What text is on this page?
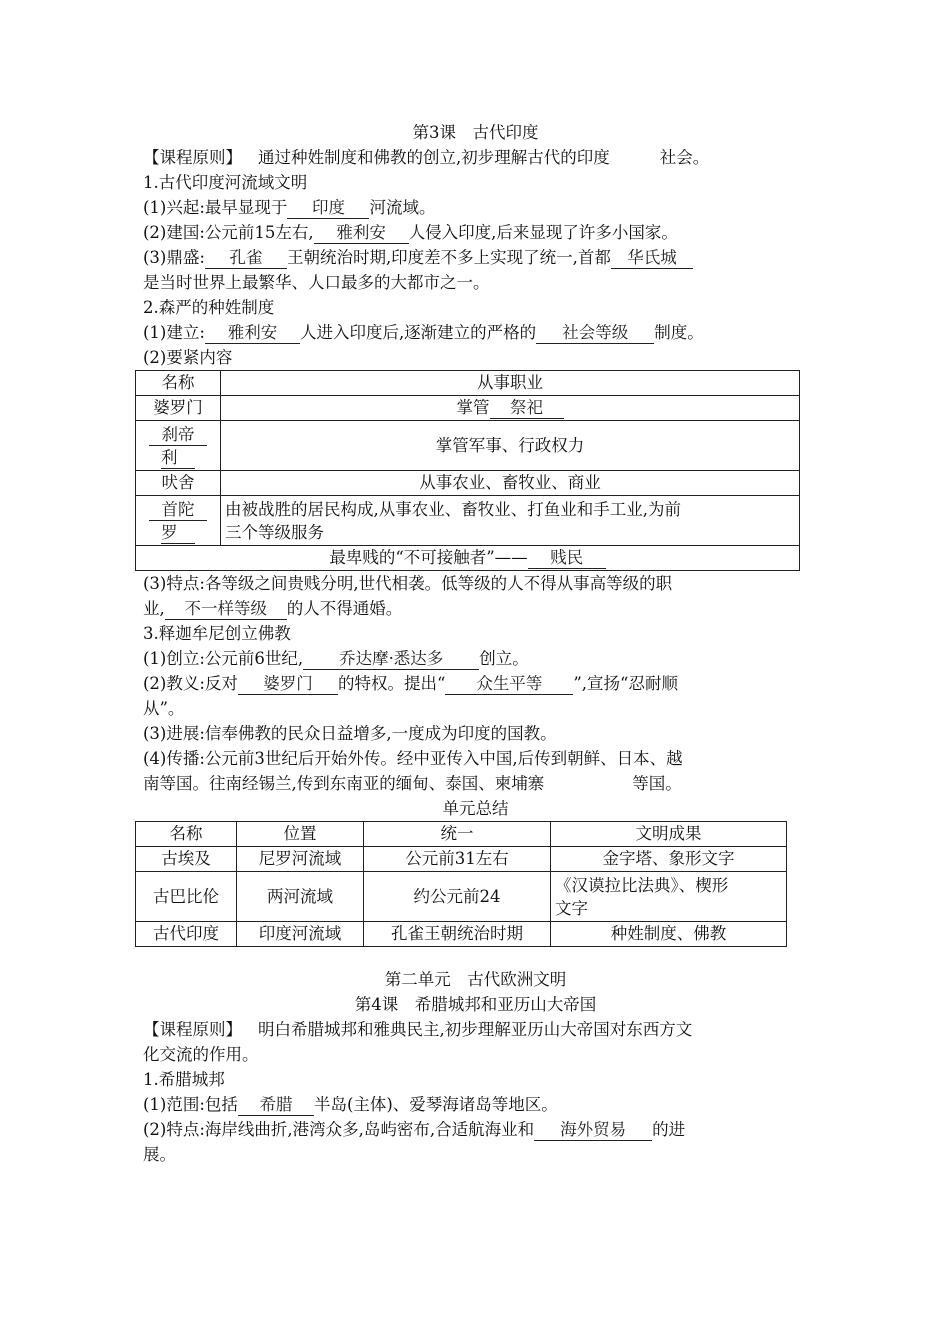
第3课　古代印度
【课程原则】 通过种姓制度和佛教的创立,初步理解古代的印度	社会。
1.古代印度河流域文明
(1)兴起:最早显现于 印度 河流域。
(2)建国:公元前15左右, 雅利安 人侵入印度,后来显现了许多小国家。
(3)鼎盛: 孔雀 王朝统治时期,印度差不多上实现了统一,首都 华氏城
是当时世界上最繁华、人口最多的大都市之一。
2.森严的种姓制度
(1)建立: 雅利安 人进入印度后,逐渐建立的严格的 社会等级 制度。
(2)要紧内容
名称	从事职业
婆罗门	掌管 祭祀
刹帝
利	掌管军事、行政权力
吠舍	从事农业、畜牧业、商业
首陀
罗	由被战胜的居民构成,从事农业、畜牧业、打鱼业和手工业,为前
三个等级服务
最卑贱的“不可接触者”—— 贱民	
(3)特点:各等级之间贵贱分明,世代相袭。低等级的人不得从事高等级的职
业, 不一样等级 的人不得通婚。
3.释迦牟尼创立佛教
(1)创立:公元前6世纪, 乔达摩·悉达多 创立。
(2)教义:反对 婆罗门 的特权。提出“ 众生平等 ”,宣扬“忍耐顺
从”。
(3)进展:信奉佛教的民众日益增多,一度成为印度的国教。
(4)传播:公元前3世纪后开始外传。经中亚传入中国,后传到朝鲜、日本、越
南等国。往南经锡兰,传到东南亚的缅甸、泰国、柬埔寨	等国。
单元总结
名称	位置	统一	文明成果
古埃及	尼罗河流域	公元前31左右	金字塔、象形文字
古巴比伦	两河流域	约公元前24	《汉谟拉比法典》、楔形
文字
古代印度	印度河流域	孔雀王朝统治时期	种姓制度、佛教
第二单元　古代欧洲文明
第4课　希腊城邦和亚历山大帝国
【课程原则】 明白希腊城邦和雅典民主,初步理解亚历山大帝国对东西方文
化交流的作用。
1.希腊城邦
(1)范围:包括 希腊 半岛(主体)、爱琴海诸岛等地区。
(2)特点:海岸线曲折,港湾众多,岛屿密布,合适航海业和 海外贸易 的进
展。
